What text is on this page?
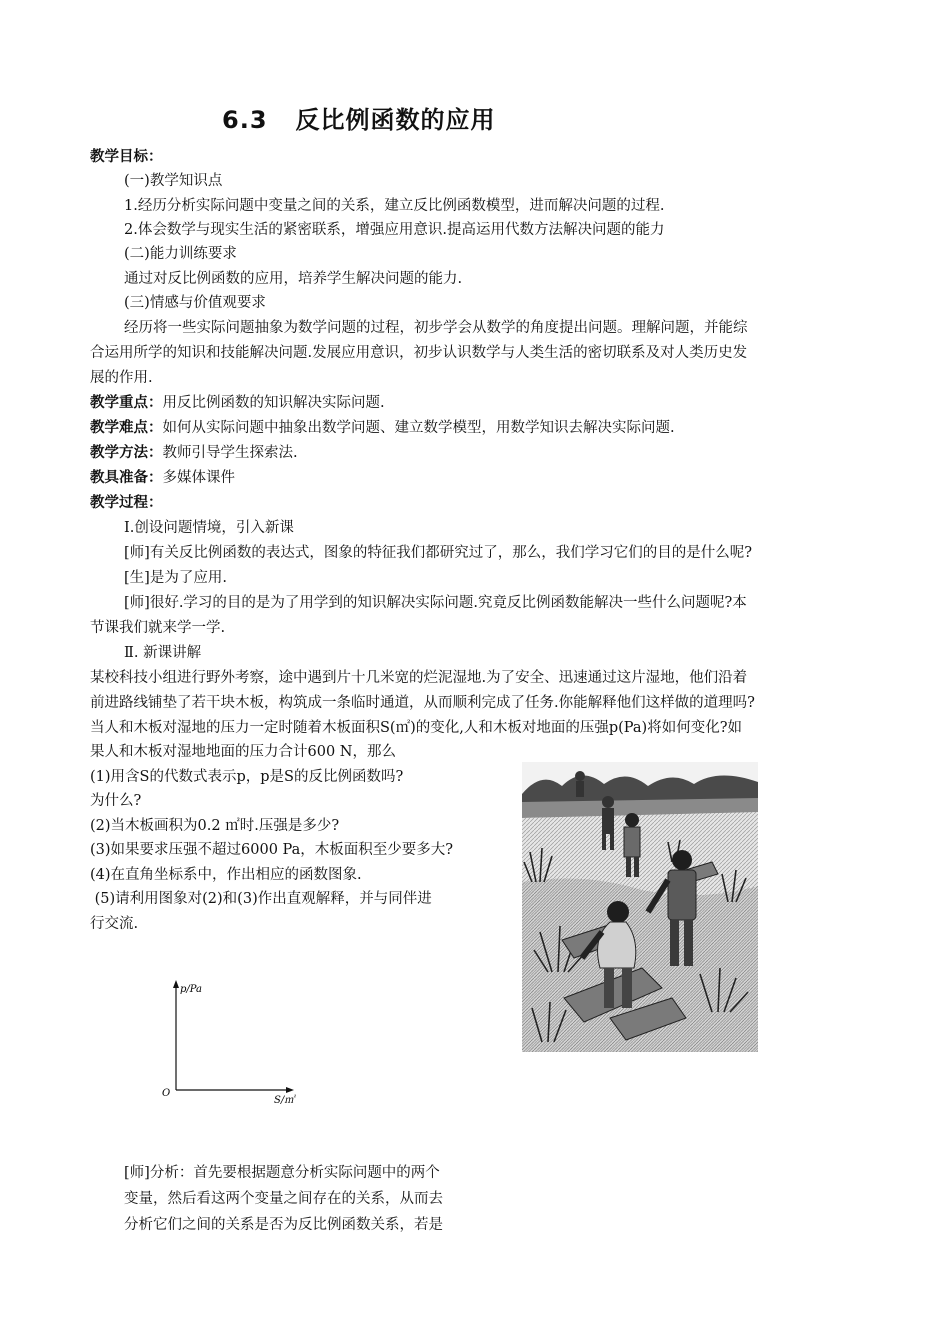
6.3 反比例函数的应用
教学目标：
(一)教学知识点
1.经历分析实际问题中变量之间的关系，建立反比例函数模型，进而解决问题的过程.
2.体会数学与现实生活的紧密联系，增强应用意识.提高运用代数方法解决问题的能力
(二)能力训练要求
通过对反比例函数的应用，培养学生解决问题的能力.
(三)情感与价值观要求
经历将一些实际问题抽象为数学问题的过程，初步学会从数学的角度提出问题。理解问题，并能综
合运用所学的知识和技能解决问题.发展应用意识，初步认识数学与人类生活的密切联系及对人类历史发
展的作用.
教学重点：用反比例函数的知识解决实际问题.
教学难点：如何从实际问题中抽象出数学问题、建立数学模型，用数学知识去解决实际问题.
教学方法：教师引导学生探索法.
教具准备：多媒体课件
教学过程：
Ⅰ.创设问题情境，引入新课
[师]有关反比例函数的表达式，图象的特征我们都研究过了，那么，我们学习它们的目的是什么呢?
[生]是为了应用.
[师]很好.学习的目的是为了用学到的知识解决实际问题.究竟反比例函数能解决一些什么问题呢?本
节课我们就来学一学.
Ⅱ. 新课讲解
某校科技小组进行野外考察，途中遇到片十几米宽的烂泥湿地.为了安全、迅速通过这片湿地，他们沿着
前进路线铺垫了若干块木板，构筑成一条临时通道，从而顺利完成了任务.你能解释他们这样做的道理吗?
当人和木板对湿地的压力一定时随着木板面积S(㎡)的变化,人和木板对地面的压强p(Pa)将如何变化?如
果人和木板对湿地地面的压力合计600 N，那么
(1)用含S的代数式表示p，p是S的反比例函数吗?
为什么?
(2)当木板画积为0.2 ㎡时.压强是多少?
(3)如果要求压强不超过6000 Pa，木板面积至少要多大?
(4)在直角坐标系中，作出相应的函数图象.
(5)请利用图象对(2)和(3)作出直观解释，并与同伴进
行交流.
p/Pa
S/㎡
O
[师]分析：首先要根据题意分析实际问题中的两个
变量，然后看这两个变量之间存在的关系，从而去
分析它们之间的关系是否为反比例函数关系，若是
